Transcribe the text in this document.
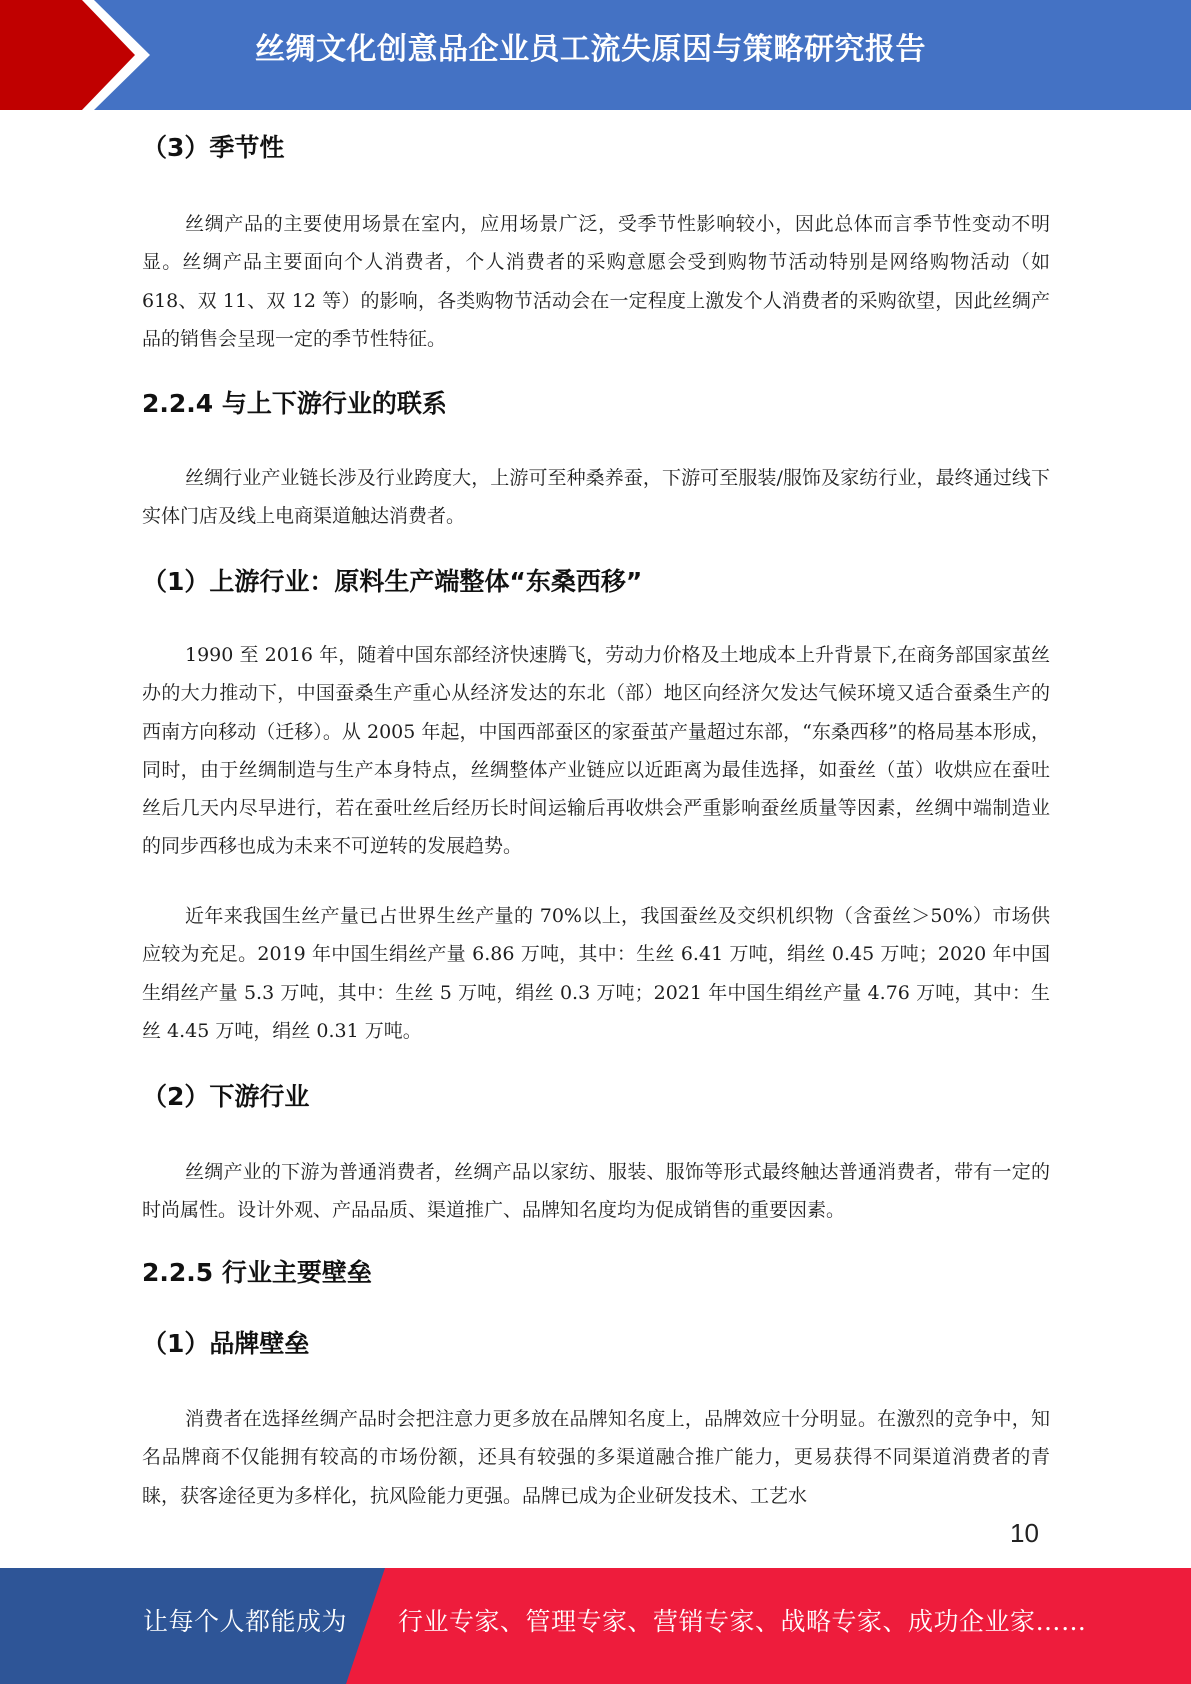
丝绸文化创意品企业员工流失原因与策略研究报告
（3）季节性

丝绸产品的主要使用场景在室内，应用场景广泛，受季节性影响较小，因此总体而言季节性变动不明显。丝绸产品主要面向个人消费者，个人消费者的采购意愿会受到购物节活动特别是网络购物活动（如 618、双 11、双 12 等）的影响，各类购物节活动会在一定程度上激发个人消费者的采购欲望，因此丝绸产品的销售会呈现一定的季节性特征。

2.2.4 与上下游行业的联系

丝绸行业产业链长涉及行业跨度大，上游可至种桑养蚕，下游可至服装/服饰及家纺行业，最终通过线下实体门店及线上电商渠道触达消费者。

（1）上游行业：原料生产端整体“东桑西移”

1990 至 2016 年，随着中国东部经济快速腾飞，劳动力价格及土地成本上升背景下,在商务部国家茧丝办的大力推动下，中国蚕桑生产重心从经济发达的东北（部）地区向经济欠发达气候环境又适合蚕桑生产的西南方向移动（迁移）。从 2005 年起，中国西部蚕区的家蚕茧产量超过东部，“东桑西移”的格局基本形成，同时，由于丝绸制造与生产本身特点，丝绸整体产业链应以近距离为最佳选择，如蚕丝（茧）收烘应在蚕吐丝后几天内尽早进行，若在蚕吐丝后经历长时间运输后再收烘会严重影响蚕丝质量等因素，丝绸中端制造业的同步西移也成为未来不可逆转的发展趋势。

近年来我国生丝产量已占世界生丝产量的 70%以上，我国蚕丝及交织机织物（含蚕丝＞50%）市场供应较为充足。2019 年中国生绢丝产量 6.86 万吨，其中：生丝 6.41 万吨，绢丝 0.45 万吨；2020 年中国生绢丝产量 5.3 万吨，其中：生丝 5 万吨，绢丝 0.3 万吨；2021 年中国生绢丝产量 4.76 万吨，其中：生丝 4.45 万吨，绢丝 0.31 万吨。

（2）下游行业

丝绸产业的下游为普通消费者，丝绸产品以家纺、服装、服饰等形式最终触达普通消费者，带有一定的时尚属性。设计外观、产品品质、渠道推广、品牌知名度均为促成销售的重要因素。

2.2.5 行业主要壁垒
（1）品牌壁垒

消费者在选择丝绸产品时会把注意力更多放在品牌知名度上，品牌效应十分明显。在激烈的竞争中，知名品牌商不仅能拥有较高的市场份额，还具有较强的多渠道融合推广能力，更易获得不同渠道消费者的青睐，获客途径更为多样化，抗风险能力更强。品牌已成为企业研发技术、工艺水

10
让每个人都能成为 行业专家、管理专家、营销专家、战略专家、成功企业家……
